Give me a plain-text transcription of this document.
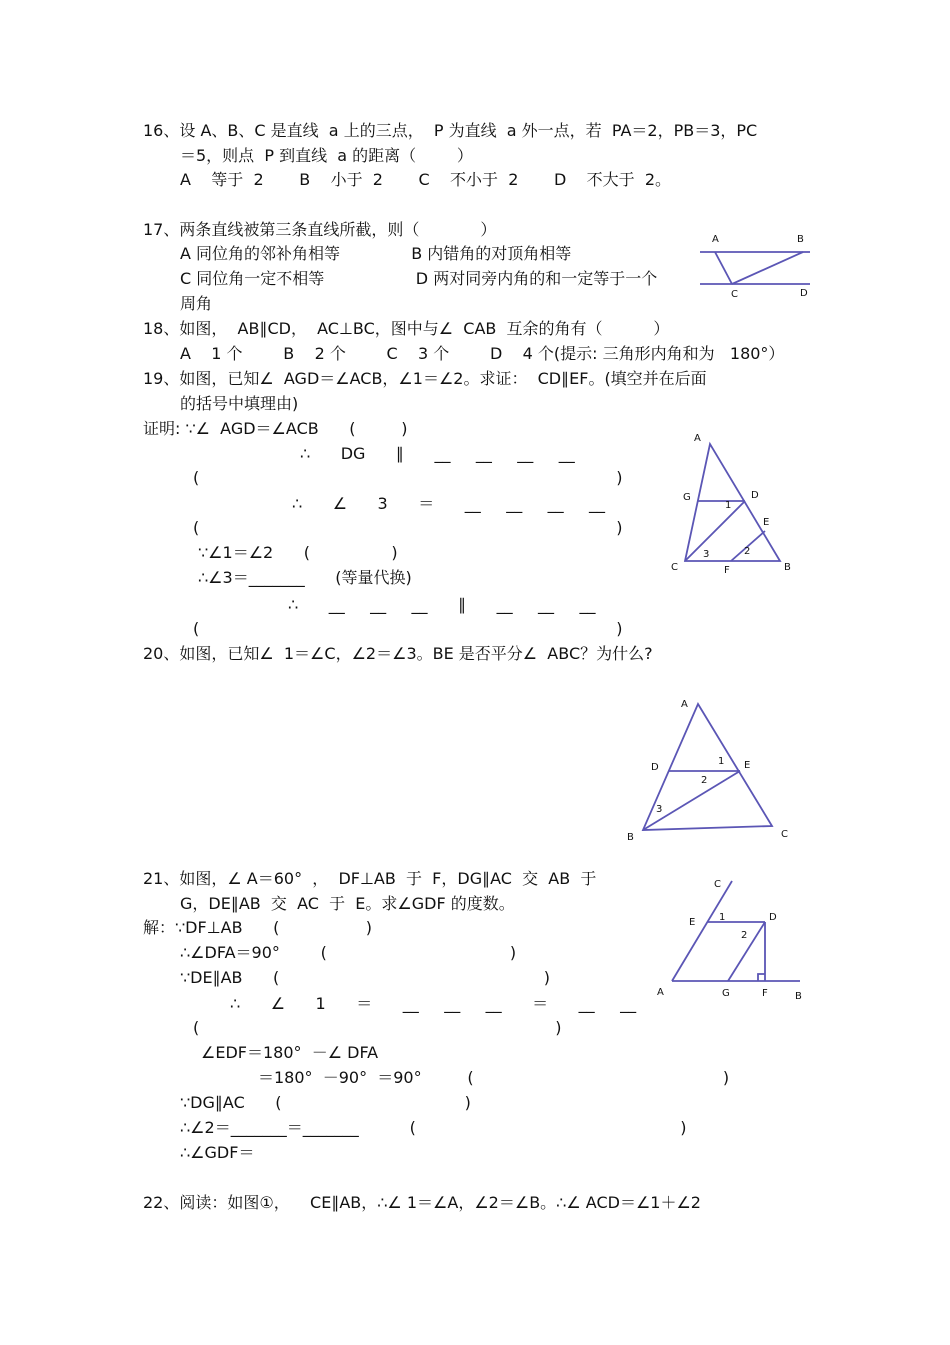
16、设 A、B、C 是直线  a 上的三点，  P 为直线  a 外一点，若  PA＝2，PB＝3，PC
＝5，则点  P 到直线  a 的距离（        ）
A    等于  2       B    小于  2       C    不小于  2       D    不大于  2。
17、两条直线被第三条直线所截，则（            ）
A 同位角的邻补角相等              B 内错角的对顶角相等
C 同位角一定不相等                  D 两对同旁内角的和一定等于一个
周角
A	B
C	D
18、如图，  AB∥CD，  AC⊥BC，图中与∠  CAB  互余的角有（          ）
A    1 个        B    2 个        C    3 个        D    4 个(提示: 三角形内角和为   180°）
19、如图，已知∠  AGD＝∠ACB，∠1＝∠2。求证：  CD∥EF。(填空并在后面
的括号中填理由)
证明: ∵∠  AGD＝∠ACB      (         )
∴      DG      ∥      __     __     __     __
(                                                                                  )
∴      ∠      3      ＝      __     __     __     __
(                                                                                  )
∵∠1＝∠2      (                )
∴∠3＝_______      (等量代换)
∴      __     __     __      ∥      __     __     __
(                                                                                  )
A
G	D
E
C	F	B
1
2
3
20、如图，已知∠  1＝∠C，∠2＝∠3。BE 是否平分∠  ABC？为什么?
A
D	E
B	C
1
2
3
21、如图，∠ A＝60°  ，  DF⊥AB  于  F，DG∥AC  交  AB  于
G，DE∥AB  交  AC  于  E。求∠GDF 的度数。
解：∵DF⊥AB      (                 )
∴∠DFA＝90°        (                                    )
∵DE∥AB      (                                                    )
∴      ∠      1      ＝      __     __     __      ＝      __     __
(                                                                      )
∠EDF＝180°  －∠ DFA
＝180°  －90°  ＝90°         (                                                 )
∵DG∥AC      (                                    )
∴∠2＝_______＝_______          (                                                    )
∴∠GDF＝
C
E	D
A	G	F	B
1
2
22、阅读：如图①，    CE∥AB，∴∠ 1＝∠A，∠2＝∠B。∴∠ ACD＝∠1＋∠2
